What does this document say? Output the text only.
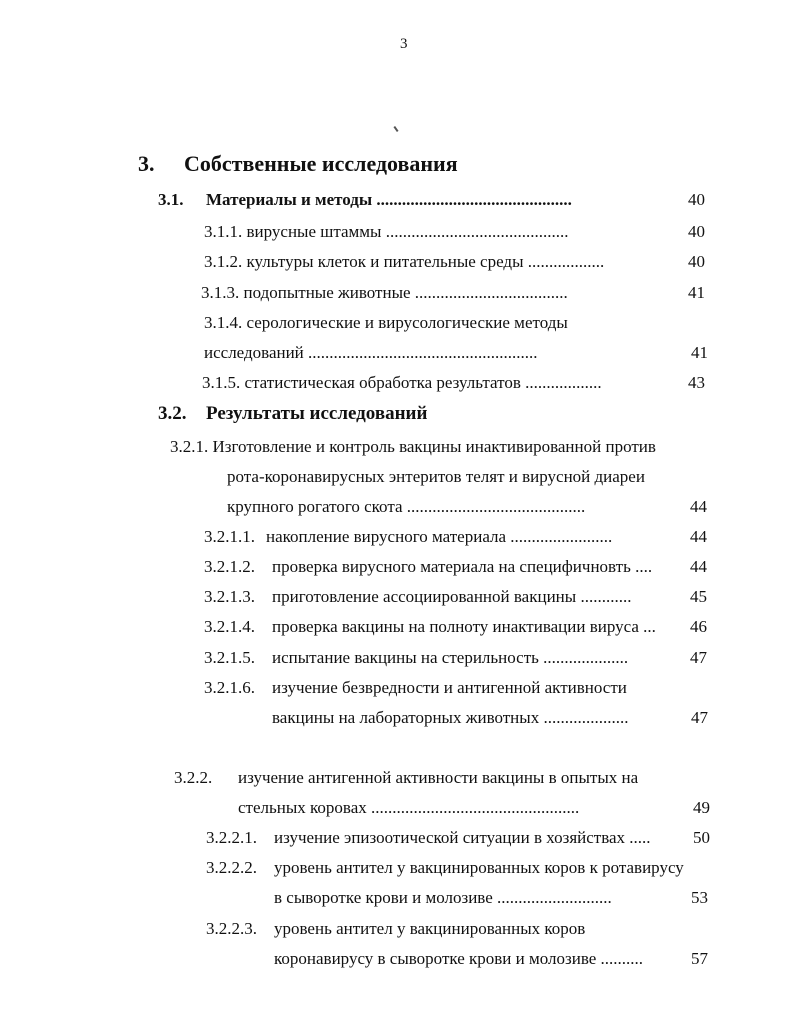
3
3. Собственные исследования
3.1. Материалы и методы ..............................................	40
3.1.1. вирусные штаммы ...........................................	40
3.1.2. культуры клеток и питательные среды ..................	40
3.1.3. подопытные животные ....................................	41
3.1.4. серологические и вирусологические методы
исследований ......................................................	41
3.1.5. статистическая обработка результатов ..................	43
3.2. Результаты исследований
3.2.1. Изготовление и контроль вакцины инактивированной против
рота-коронавирусных энтеритов телят и вирусной диареи
крупного рогатого скота ..........................................	44
3.2.1.1. накопление вирусного материала ........................	44
3.2.1.2. проверка вирусного материала на специфичновть ....	44
3.2.1.3. приготовление ассоциированной вакцины ............	45
3.2.1.4. проверка вакцины на полноту инактивации вируса ...	46
3.2.1.5. испытание вакцины на стерильность ....................	47
3.2.1.6. изучение безвредности и антигенной активности
вакцины на лабораторных животных ....................	47
3.2.2. изучение антигенной активности вакцины в опытых на
стельных коровах .................................................	49
3.2.2.1. изучение эпизоотической ситуации в хозяйствах .....	50
3.2.2.2. уровень антител у вакцинированных коров к ротавирусу
в сыворотке крови и молозиве ...........................	53
3.2.2.3. уровень антител у вакцинированных коров
коронавирусу в сыворотке крови и молозиве ..........	57
